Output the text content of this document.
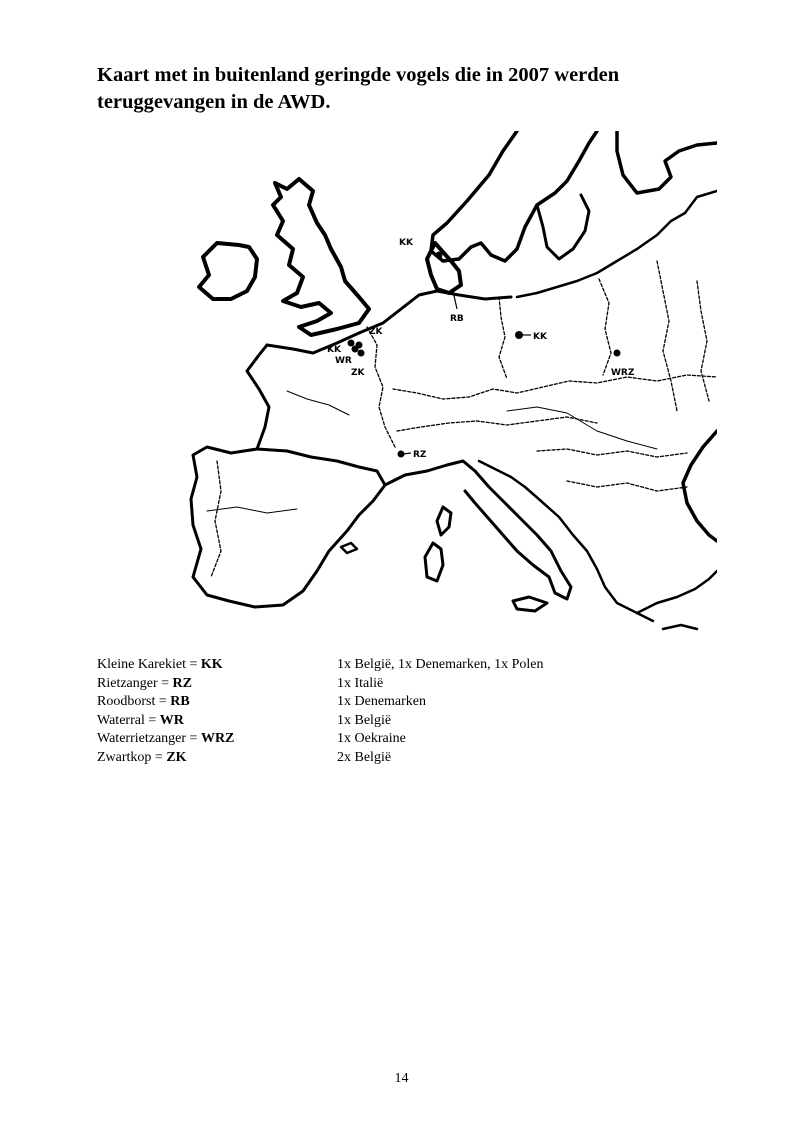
Kaart met in buitenland geringde vogels die in 2007 werden
teruggevangen in de AWD.
KK
RB
KK
WRZ
ZK
KK
WR
ZK
RZ
Kleine Karekiet = KK	1x België, 1x Denemarken, 1x Polen
Rietzanger = RZ	1x Italië
Roodborst = RB	1x Denemarken
Waterral = WR	1x België
Waterrietzanger = WRZ	1x Oekraine
Zwartkop = ZK	2x België
14
